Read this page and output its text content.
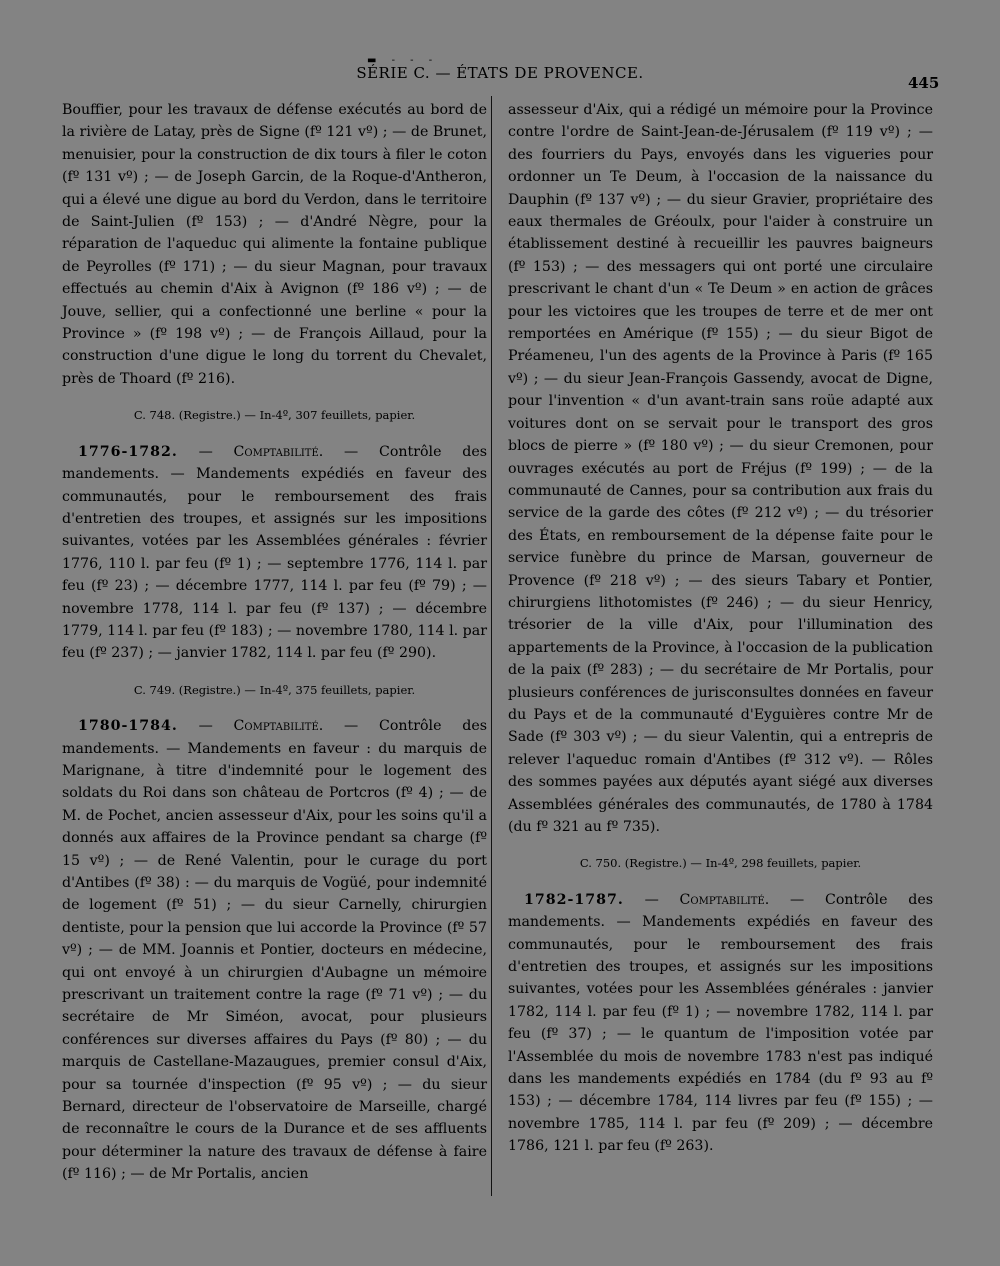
▬ ‑ ‑ ‑
SÉRIE C. — ÉTATS DE PROVENCE.
445

Bouffier, pour les travaux de défense exécutés au bord de la rivière de Latay, près de Signe (fº 121 vº) ; — de Brunet, menuisier, pour la construction de dix tours à filer le coton (fº 131 vº) ; — de Joseph Garcin, de la Roque-d'Antheron, qui a élevé une digue au bord du Verdon, dans le territoire de Saint-Julien (fº 153) ; — d'André Nègre, pour la réparation de l'aqueduc qui alimente la fontaine publique de Peyrolles (fº 171) ; — du sieur Magnan, pour travaux effectués au chemin d'Aix à Avignon (fº 186 vº) ; — de Jouve, sellier, qui a confectionné une berline « pour la Province » (fº 198 vº) ; — de François Aillaud, pour la construction d'une digue le long du torrent du Chevalet, près de Thoard (fº 216).

C. 748. (Registre.) — In-4º, 307 feuillets, papier.

1776-1782. — Comptabilité. — Contrôle des mandements. — Mandements expédiés en faveur des communautés, pour le remboursement des frais d'entretien des troupes, et assignés sur les impositions suivantes, votées par les Assemblées générales : février 1776, 110 l. par feu (fº 1) ; — septembre 1776, 114 l. par feu (fº 23) ; — décembre 1777, 114 l. par feu (fº 79) ; — novembre 1778, 114 l. par feu (fº 137) ; — décembre 1779, 114 l. par feu (fº 183) ; — novembre 1780, 114 l. par feu (fº 237) ; — janvier 1782, 114 l. par feu (fº 290).

C. 749. (Registre.) — In-4º, 375 feuillets, papier.

1780-1784. — Comptabilité. — Contrôle des mandements. — Mandements en faveur : du marquis de Marignane, à titre d'indemnité pour le logement des soldats du Roi dans son château de Portcros (fº 4) ; — de M. de Pochet, ancien assesseur d'Aix, pour les soins qu'il a donnés aux affaires de la Province pendant sa charge (fº 15 vº) ; — de René Valentin, pour le curage du port d'Antibes (fº 38) : — du marquis de Vogüé, pour indemnité de logement (fº 51) ; — du sieur Carnelly, chirurgien dentiste, pour la pension que lui accorde la Province (fº 57 vº) ; — de MM. Joannis et Pontier, docteurs en médecine, qui ont envoyé à un chirurgien d'Aubagne un mémoire prescrivant un traitement contre la rage (fº 71 vº) ; — du secrétaire de Mr Siméon, avocat, pour plusieurs conférences sur diverses affaires du Pays (fº 80) ; — du marquis de Castellane-Mazaugues, premier consul d'Aix, pour sa tournée d'inspection (fº 95 vº) ; — du sieur Bernard, directeur de l'observatoire de Marseille, chargé de reconnaître le cours de la Durance et de ses affluents pour déterminer la nature des travaux de défense à faire (fº 116) ; — de Mr Portalis, ancien

assesseur d'Aix, qui a rédigé un mémoire pour la Province contre l'ordre de Saint-Jean-de-Jérusalem (fº 119 vº) ; — des fourriers du Pays, envoyés dans les vigueries pour ordonner un Te Deum, à l'occasion de la naissance du Dauphin (fº 137 vº) ; — du sieur Gravier, propriétaire des eaux thermales de Gréoulx, pour l'aider à construire un établissement destiné à recueillir les pauvres baigneurs (fº 153) ; — des messagers qui ont porté une circulaire prescrivant le chant d'un « Te Deum » en action de grâces pour les victoires que les troupes de terre et de mer ont remportées en Amérique (fº 155) ; — du sieur Bigot de Préameneu, l'un des agents de la Province à Paris (fº 165 vº) ; — du sieur Jean-François Gassendy, avocat de Digne, pour l'invention « d'un avant-train sans roüe adapté aux voitures dont on se servait pour le transport des gros blocs de pierre » (fº 180 vº) ; — du sieur Cremonen, pour ouvrages exécutés au port de Fréjus (fº 199) ; — de la communauté de Cannes, pour sa contribution aux frais du service de la garde des côtes (fº 212 vº) ; — du trésorier des États, en remboursement de la dépense faite pour le service funèbre du prince de Marsan, gouverneur de Provence (fº 218 vº) ; — des sieurs Tabary et Pontier, chirurgiens lithotomistes (fº 246) ; — du sieur Henricy, trésorier de la ville d'Aix, pour l'illumination des appartements de la Province, à l'occasion de la publication de la paix (fº 283) ; — du secrétaire de Mr Portalis, pour plusieurs conférences de jurisconsultes données en faveur du Pays et de la communauté d'Eyguières contre Mr de Sade (fº 303 vº) ; — du sieur Valentin, qui a entrepris de relever l'aqueduc romain d'Antibes (fº 312 vº). — Rôles des sommes payées aux députés ayant siégé aux diverses Assemblées générales des communautés, de 1780 à 1784 (du fº 321 au fº 735).

C. 750. (Registre.) — In-4º, 298 feuillets, papier.

1782-1787. — Comptabilité. — Contrôle des mandements. — Mandements expédiés en faveur des communautés, pour le remboursement des frais d'entretien des troupes, et assignés sur les impositions suivantes, votées pour les Assemblées générales : janvier 1782, 114 l. par feu (fº 1) ; — novembre 1782, 114 l. par feu (fº 37) ; — le quantum de l'imposition votée par l'Assemblée du mois de novembre 1783 n'est pas indiqué dans les mandements expédiés en 1784 (du fº 93 au fº 153) ; — décembre 1784, 114 livres par feu (fº 155) ; — novembre 1785, 114 l. par feu (fº 209) ; — décembre 1786, 121 l. par feu (fº 263).
